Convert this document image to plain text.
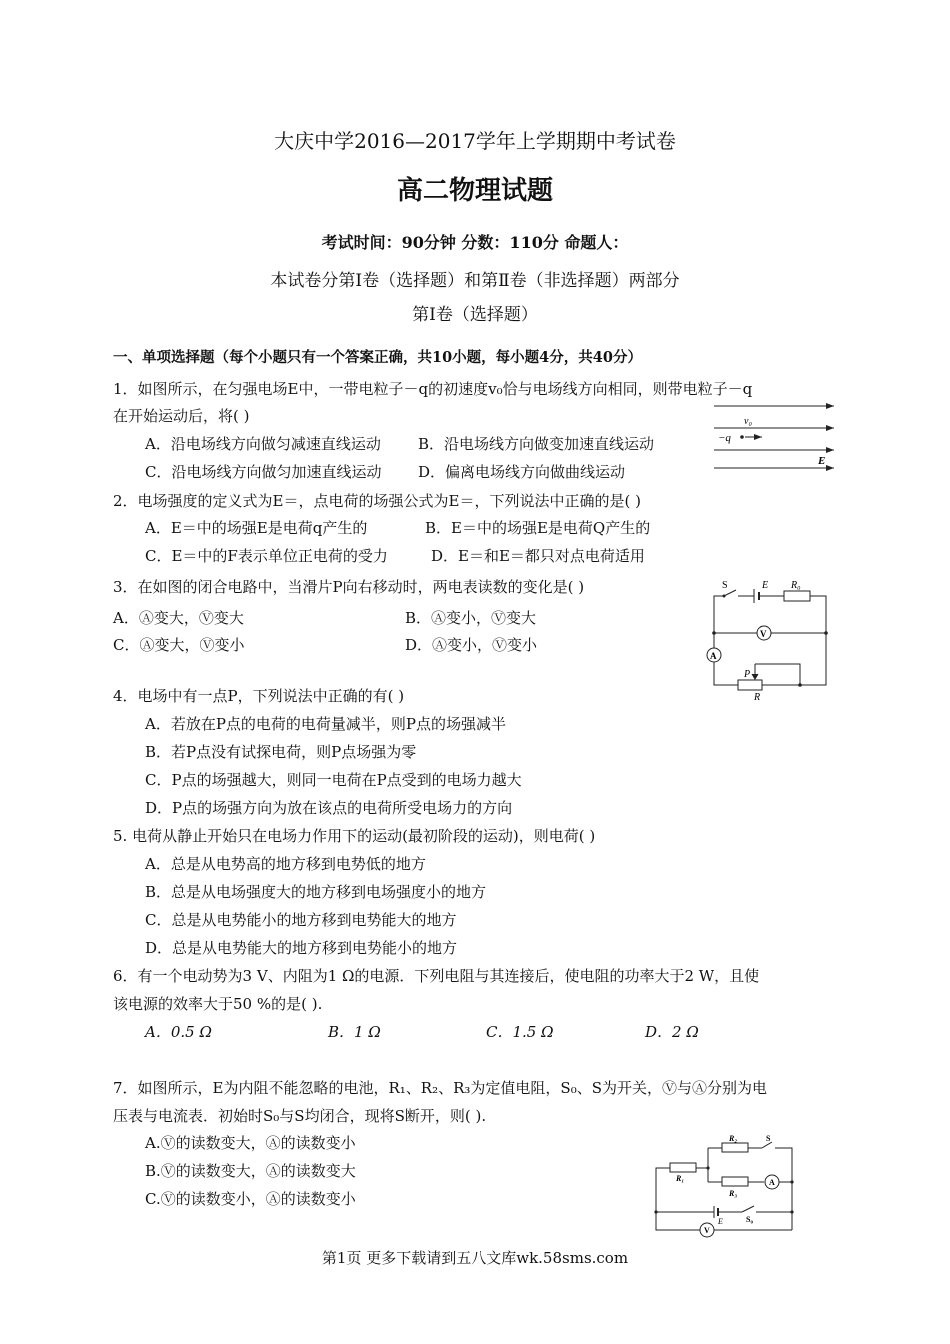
大庆中学2016—2017学年上学期期中考试卷
高二物理试题
考试时间：90分钟 分数：110分 命题人：
本试卷分第Ⅰ卷（选择题）和第Ⅱ卷（非选择题）两部分
第Ⅰ卷（选择题）
一、单项选择题（每个小题只有一个答案正确，共10小题，每小题4分，共40分）
1．如图所示，在匀强电场E中，一带电粒子－q的初速度v₀恰与电场线方向相同，则带电粒子－q
在开始运动后，将( )
A．沿电场线方向做匀减速直线运动 B．沿电场线方向做变加速直线运动
C．沿电场线方向做匀加速直线运动 D．偏离电场线方向做曲线运动
v₀
−q
E
2．电场强度的定义式为E＝，点电荷的场强公式为E＝，下列说法中正确的是( )
A．E＝中的场强E是电荷q产生的	B．E＝中的场强E是电荷Q产生的
C．E＝中的F表示单位正电荷的受力	D．E＝和E＝都只对点电荷适用
3．在如图的闭合电路中，当滑片P向右移动时，两电表读数的变化是( )
A．Ⓐ变大，Ⓥ变大	B．Ⓐ变小，Ⓥ变大
C．Ⓐ变大，Ⓥ变小	D．Ⓐ变小，Ⓥ变小
S	E R₀
V
A
P
R
4．电场中有一点P，下列说法中正确的有( )
A．若放在P点的电荷的电荷量减半，则P点的场强减半
B．若P点没有试探电荷，则P点场强为零
C．P点的场强越大，则同一电荷在P点受到的电场力越大
D．P点的场强方向为放在该点的电荷所受电场力的方向
5. 电荷从静止开始只在电场力作用下的运动(最初阶段的运动)，则电荷( )
A．总是从电势高的地方移到电势低的地方
B．总是从电场强度大的地方移到电场强度小的地方
C．总是从电势能小的地方移到电势能大的地方
D．总是从电势能大的地方移到电势能小的地方
6．有一个电动势为3 V、内阻为1 Ω的电源．下列电阻与其连接后，使电阻的功率大于2 W，且使
该电源的效率大于50 %的是( ).
A．0.5 Ω	B．1 Ω	C．1.5 Ω	D．2 Ω
7．如图所示，E为内阻不能忽略的电池，R₁、R₂、R₃为定值电阻，S₀、S为开关，Ⓥ与Ⓐ分别为电
压表与电流表．初始时S₀与S均闭合，现将S断开，则( ).
A.Ⓥ的读数变大，Ⓐ的读数变小
B.Ⓥ的读数变大，Ⓐ的读数变大
C.Ⓥ的读数变小，Ⓐ的读数变小
R₂	S
R₁
R₃
A
E	S₀
V
第1页 更多下载请到五八文库wk.58sms.com
